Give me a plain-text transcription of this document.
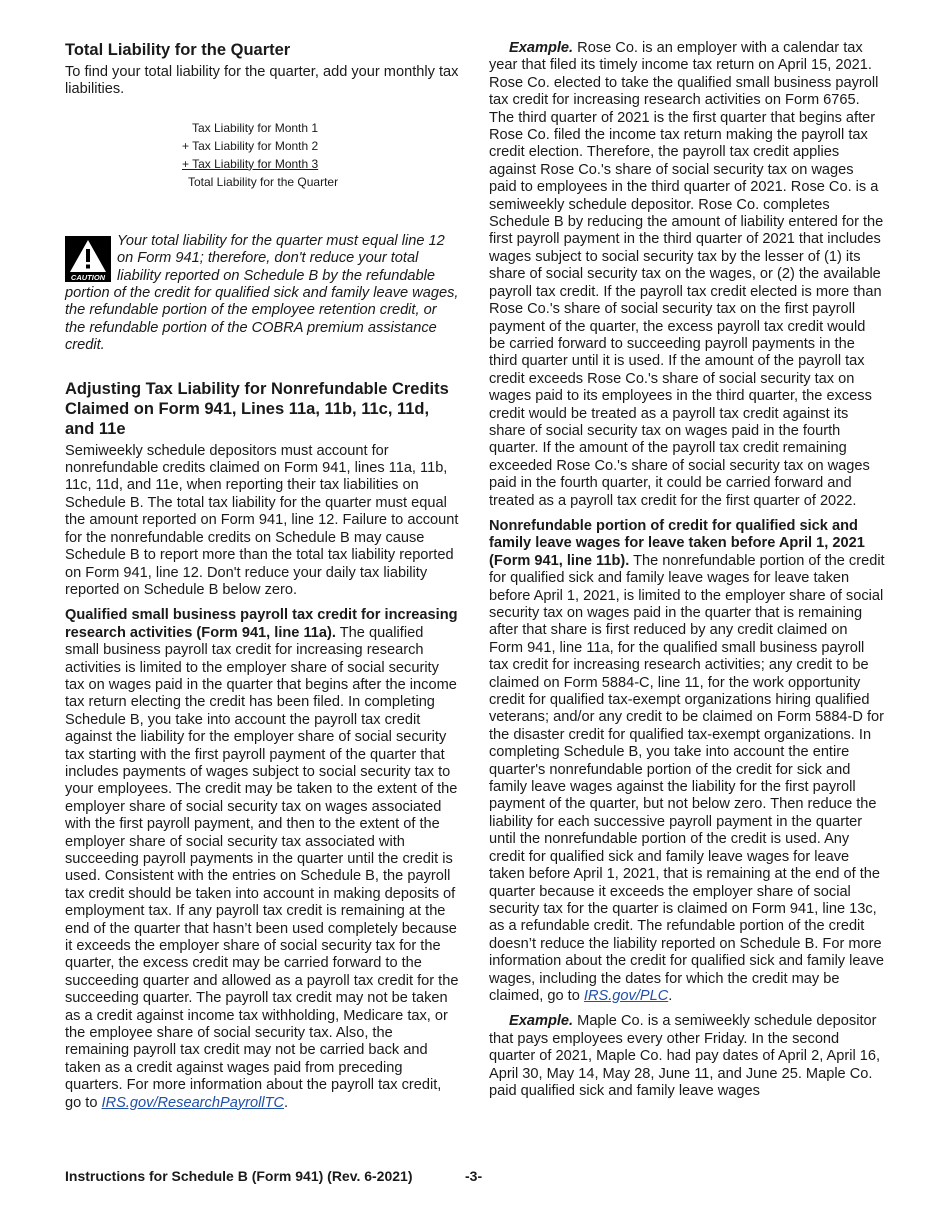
Total Liability for the Quarter

To find your total liability for the quarter, add your monthly tax liabilities.

Tax Liability for Month 1
+ Tax Liability for Month 2
+ Tax Liability for Month 3
Total Liability for the Quarter
CAUTION
Your total liability for the quarter must equal line 12 on Form 941; therefore, don't reduce your total liability reported on Schedule B by the refundable portion of the credit for qualified sick and family leave wages, the refundable portion of the employee retention credit, or the refundable portion of the COBRA premium assistance credit.
Adjusting Tax Liability for Nonrefundable Credits Claimed on Form 941, Lines 11a, 11b, 11c, 11d, and 11e

Semiweekly schedule depositors must account for nonrefundable credits claimed on Form 941, lines 11a, 11b, 11c, 11d, and 11e, when reporting their tax liabilities on Schedule B. The total tax liability for the quarter must equal the amount reported on Form 941, line 12. Failure to account for the nonrefundable credits on Schedule B may cause Schedule B to report more than the total tax liability reported on Form 941, line 12. Don't reduce your daily tax liability reported on Schedule B below zero.

Qualified small business payroll tax credit for increasing research activities (Form 941, line 11a). The qualified small business payroll tax credit for increasing research activities is limited to the employer share of social security tax on wages paid in the quarter that begins after the income tax return electing the credit has been filed. In completing Schedule B, you take into account the payroll tax credit against the liability for the employer share of social security tax starting with the first payroll payment of the quarter that includes payments of wages subject to social security tax to your employees. The credit may be taken to the extent of the employer share of social security tax on wages associated with the first payroll payment, and then to the extent of the employer share of social security tax associated with succeeding payroll payments in the quarter until the credit is used. Consistent with the entries on Schedule B, the payroll tax credit should be taken into account in making deposits of employment tax. If any payroll tax credit is remaining at the end of the quarter that hasn’t been used completely because it exceeds the employer share of social security tax for the quarter, the excess credit may be carried forward to the succeeding quarter and allowed as a payroll tax credit for the succeeding quarter. The payroll tax credit may not be taken as a credit against income tax withholding, Medicare tax, or the employee share of social security tax. Also, the remaining payroll tax credit may not be carried back and taken as a credit against wages paid from preceding quarters. For more information about the payroll tax credit, go to IRS.gov/ResearchPayrollTC.

Example. Rose Co. is an employer with a calendar tax year that filed its timely income tax return on April 15, 2021. Rose Co. elected to take the qualified small business payroll tax credit for increasing research activities on Form 6765. The third quarter of 2021 is the first quarter that begins after Rose Co. filed the income tax return making the payroll tax credit election. Therefore, the payroll tax credit applies against Rose Co.'s share of social security tax on wages paid to employees in the third quarter of 2021. Rose Co. is a semiweekly schedule depositor. Rose Co. completes Schedule B by reducing the amount of liability entered for the first payroll payment in the third quarter of 2021 that includes wages subject to social security tax by the lesser of (1) its share of social security tax on the wages, or (2) the available payroll tax credit. If the payroll tax credit elected is more than Rose Co.'s share of social security tax on the first payroll payment of the quarter, the excess payroll tax credit would be carried forward to succeeding payroll payments in the third quarter until it is used. If the amount of the payroll tax credit exceeds Rose Co.'s share of social security tax on wages paid to its employees in the third quarter, the excess credit would be treated as a payroll tax credit against its share of social security tax on wages paid in the fourth quarter. If the amount of the payroll tax credit remaining exceeded Rose Co.'s share of social security tax on wages paid in the fourth quarter, it could be carried forward and treated as a payroll tax credit for the first quarter of 2022.

Nonrefundable portion of credit for qualified sick and family leave wages for leave taken before April 1, 2021 (Form 941, line 11b). The nonrefundable portion of the credit for qualified sick and family leave wages for leave taken before April 1, 2021, is limited to the employer share of social security tax on wages paid in the quarter that is remaining after that share is first reduced by any credit claimed on Form 941, line 11a, for the qualified small business payroll tax credit for increasing research activities; any credit to be claimed on Form 5884-C, line 11, for the work opportunity credit for qualified tax-exempt organizations hiring qualified veterans; and/or any credit to be claimed on Form 5884-D for the disaster credit for qualified tax-exempt organizations. In completing Schedule B, you take into account the entire quarter's nonrefundable portion of the credit for sick and family leave wages against the liability for the first payroll payment of the quarter, but not below zero. Then reduce the liability for each successive payroll payment in the quarter until the nonrefundable portion of the credit is used. Any credit for qualified sick and family leave wages for leave taken before April 1, 2021, that is remaining at the end of the quarter because it exceeds the employer share of social security tax for the quarter is claimed on Form 941, line 13c, as a refundable credit. The refundable portion of the credit doesn’t reduce the liability reported on Schedule B. For more information about the credit for qualified sick and family leave wages, including the dates for which the credit may be claimed, go to IRS.gov/PLC.

Example. Maple Co. is a semiweekly schedule depositor that pays employees every other Friday. In the second quarter of 2021, Maple Co. had pay dates of April 2, April 16, April 30, May 14, May 28, June 11, and June 25. Maple Co. paid qualified sick and family leave wages

Instructions for Schedule B (Form 941) (Rev. 6-2021)	-3-
